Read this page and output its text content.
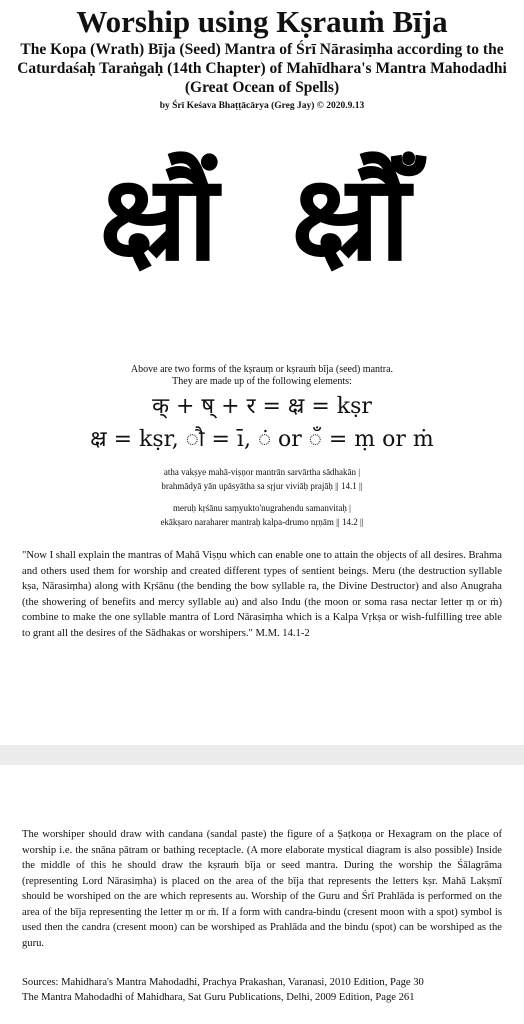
Worship using Kṣrauṁ Bīja
The Kopa (Wrath) Bīja (Seed) Mantra of Śrī Nārasiṃha according to the Caturdaśaḥ Taraṅgaḥ (14th Chapter) of Mahīdhara's Mantra Mahodadhi (Great Ocean of Spells)
by Śrī Keśava Bhaṭṭācārya (Greg Jay) © 2020.9.13
क्ष्रौं क्ष्रौँ
Above are two forms of the kṣrauṃ or kṣrauṁ bīja (seed) mantra.
They are made up of the following elements:
क् + ष् + र = क्ष्र = kṣr
क्ष्र = kṣr, ौ = ī, ं or ँ = ṃ or ṁ
atha vakṣye mahā-viṣṇor mantrān sarvārtha sādhakān |
brahmādyā yān upāsyātha sa sṛjur viviāḥ prajāḥ || 14.1 ||
meruḥ kṛśānu saṃyukto'nugrahendu samanvitaḥ |
ekākṣaro naraharer mantraḥ kalpa-drumo nṛṇām || 14.2 ||
"Now I shall explain the mantras of Mahā Viṣṇu which can enable one to attain the objects of all desires. Brahma and others used them for worship and created different types of sentient beings. Meru (the destruction syllable kṣa, Nārasiṃha) along with Kṛśānu (the bending the bow syllable ra, the Divine Destructor) and also Anugraha (the showering of benefits and mercy syllable au) and also Indu (the moon or soma rasa nectar letter ṃ or ṁ) combine to make the one syllable mantra of Lord Nārasiṃha which is a Kalpa Vṛkṣa or wish-fulfilling tree able to grant all the desires of the Sādhakas or worshipers." M.M. 14.1-2
The worshiper should draw with candana (sandal paste) the figure of a Ṣaṭkoṇa or Hexagram on the place of worship i.e. the snāna pātram or bathing receptacle. (A more elaborate mystical diagram is also possible) Inside the middle of this he should draw the kṣrauṁ bīja or seed mantra. During the worship the Śālagrāma (representing Lord Nārasiṃha) is placed on the area of the bīja that represents the letters kṣr. Mahā Lakṣmī should be worshiped on the are which represents au. Worship of the Guru and Śrī Prahlāda is performed on the area of the bīja representing the letter ṃ or ṁ. If a form with candra-bindu (cresent moon with a spot) symbol is used then the candra (cresent moon) can be worshiped as Prahlāda and the bindu (spot) can be worshiped as the guru.
Sources: Mahidhara's Mantra Mahodadhi, Prachya Prakashan, Varanasi, 2010 Edition, Page 30
The Mantra Mahodadhi of Mahidhara, Sat Guru Publications, Delhi, 2009 Edition, Page 261
